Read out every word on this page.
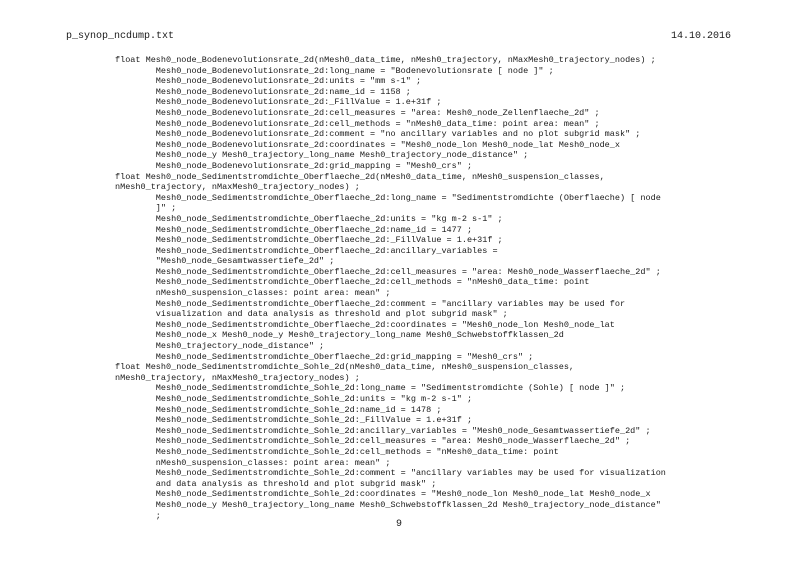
p_synop_ncdump.txt	14.10.2016
float Mesh0_node_Bodenevolutionsrate_2d(nMesh0_data_time, nMesh0_trajectory, nMaxMesh0_trajectory_nodes) ;
Mesh0_node_Bodenevolutionsrate_2d:long_name = "Bodenevolutionsrate [ node ]" ;
Mesh0_node_Bodenevolutionsrate_2d:units = "mm s-1" ;
Mesh0_node_Bodenevolutionsrate_2d:name_id = 1158 ;
Mesh0_node_Bodenevolutionsrate_2d:_FillValue = 1.e+31f ;
Mesh0_node_Bodenevolutionsrate_2d:cell_measures = "area: Mesh0_node_Zellenflaeche_2d" ;
Mesh0_node_Bodenevolutionsrate_2d:cell_methods = "nMesh0_data_time: point area: mean" ;
Mesh0_node_Bodenevolutionsrate_2d:comment = "no ancillary variables and no plot subgrid mask" ;
Mesh0_node_Bodenevolutionsrate_2d:coordinates = "Mesh0_node_lon Mesh0_node_lat Mesh0_node_x
Mesh0_node_y Mesh0_trajectory_long_name Mesh0_trajectory_node_distance" ;
Mesh0_node_Bodenevolutionsrate_2d:grid_mapping = "Mesh0_crs" ;
float Mesh0_node_Sedimentstromdichte_Oberflaeche_2d(nMesh0_data_time, nMesh0_suspension_classes,
nMesh0_trajectory, nMaxMesh0_trajectory_nodes) ;
Mesh0_node_Sedimentstromdichte_Oberflaeche_2d:long_name = "Sedimentstromdichte (Oberflaeche) [ node
]" ;
Mesh0_node_Sedimentstromdichte_Oberflaeche_2d:units = "kg m-2 s-1" ;
Mesh0_node_Sedimentstromdichte_Oberflaeche_2d:name_id = 1477 ;
Mesh0_node_Sedimentstromdichte_Oberflaeche_2d:_FillValue = 1.e+31f ;
Mesh0_node_Sedimentstromdichte_Oberflaeche_2d:ancillary_variables =
"Mesh0_node_Gesamtwassertiefe_2d" ;
Mesh0_node_Sedimentstromdichte_Oberflaeche_2d:cell_measures = "area: Mesh0_node_Wasserflaeche_2d" ;
Mesh0_node_Sedimentstromdichte_Oberflaeche_2d:cell_methods = "nMesh0_data_time: point
nMesh0_suspension_classes: point area: mean" ;
Mesh0_node_Sedimentstromdichte_Oberflaeche_2d:comment = "ancillary variables may be used for
visualization and data analysis as threshold and plot subgrid mask" ;
Mesh0_node_Sedimentstromdichte_Oberflaeche_2d:coordinates = "Mesh0_node_lon Mesh0_node_lat
Mesh0_node_x Mesh0_node_y Mesh0_trajectory_long_name Mesh0_Schwebstoffklassen_2d
Mesh0_trajectory_node_distance" ;
Mesh0_node_Sedimentstromdichte_Oberflaeche_2d:grid_mapping = "Mesh0_crs" ;
float Mesh0_node_Sedimentstromdichte_Sohle_2d(nMesh0_data_time, nMesh0_suspension_classes,
nMesh0_trajectory, nMaxMesh0_trajectory_nodes) ;
Mesh0_node_Sedimentstromdichte_Sohle_2d:long_name = "Sedimentstromdichte (Sohle) [ node ]" ;
Mesh0_node_Sedimentstromdichte_Sohle_2d:units = "kg m-2 s-1" ;
Mesh0_node_Sedimentstromdichte_Sohle_2d:name_id = 1478 ;
Mesh0_node_Sedimentstromdichte_Sohle_2d:_FillValue = 1.e+31f ;
Mesh0_node_Sedimentstromdichte_Sohle_2d:ancillary_variables = "Mesh0_node_Gesamtwassertiefe_2d" ;
Mesh0_node_Sedimentstromdichte_Sohle_2d:cell_measures = "area: Mesh0_node_Wasserflaeche_2d" ;
Mesh0_node_Sedimentstromdichte_Sohle_2d:cell_methods = "nMesh0_data_time: point
nMesh0_suspension_classes: point area: mean" ;
Mesh0_node_Sedimentstromdichte_Sohle_2d:comment = "ancillary variables may be used for visualization
and data analysis as threshold and plot subgrid mask" ;
Mesh0_node_Sedimentstromdichte_Sohle_2d:coordinates = "Mesh0_node_lon Mesh0_node_lat Mesh0_node_x
Mesh0_node_y Mesh0_trajectory_long_name Mesh0_Schwebstoffklassen_2d Mesh0_trajectory_node_distance"
;
9
